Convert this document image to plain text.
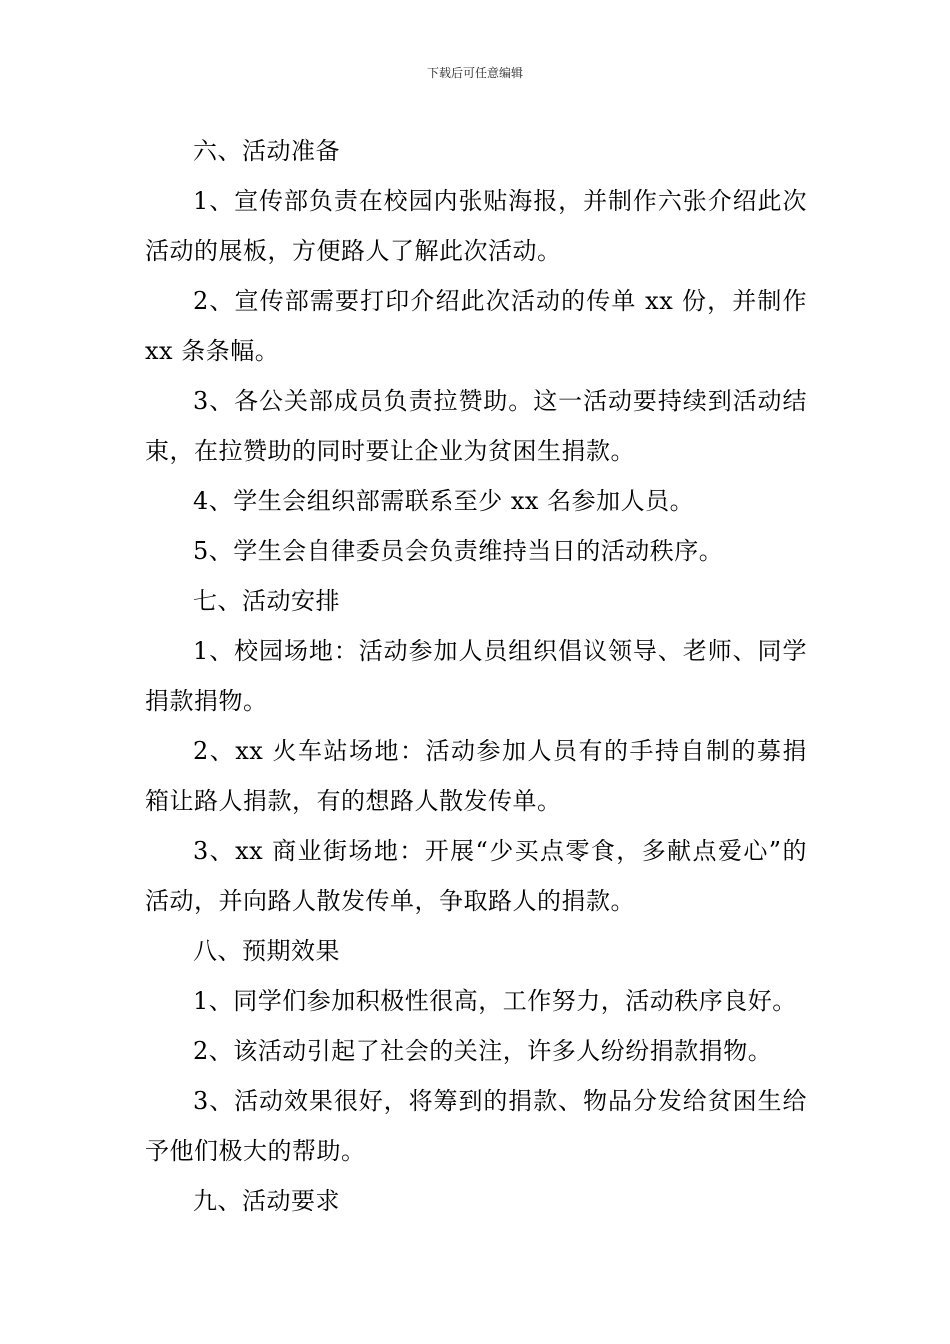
下载后可任意编辑

六、活动准备

1、宣传部负责在校园内张贴海报，并制作六张介绍此次活动的展板，方便路人了解此次活动。

2、宣传部需要打印介绍此次活动的传单 xx 份，并制作 xx 条条幅。

3、各公关部成员负责拉赞助。这一活动要持续到活动结束，在拉赞助的同时要让企业为贫困生捐款。

4、学生会组织部需联系至少 xx 名参加人员。

5、学生会自律委员会负责维持当日的活动秩序。

七、活动安排

1、校园场地：活动参加人员组织倡议领导、老师、同学捐款捐物。

2、xx 火车站场地：活动参加人员有的手持自制的募捐箱让路人捐款，有的想路人散发传单。

3、xx 商业街场地：开展“少买点零食，多献点爱心”的活动，并向路人散发传单，争取路人的捐款。

八、预期效果

1、同学们参加积极性很高，工作努力，活动秩序良好。

2、该活动引起了社会的关注，许多人纷纷捐款捐物。

3、活动效果很好，将筹到的捐款、物品分发给贫困生给予他们极大的帮助。

九、活动要求
